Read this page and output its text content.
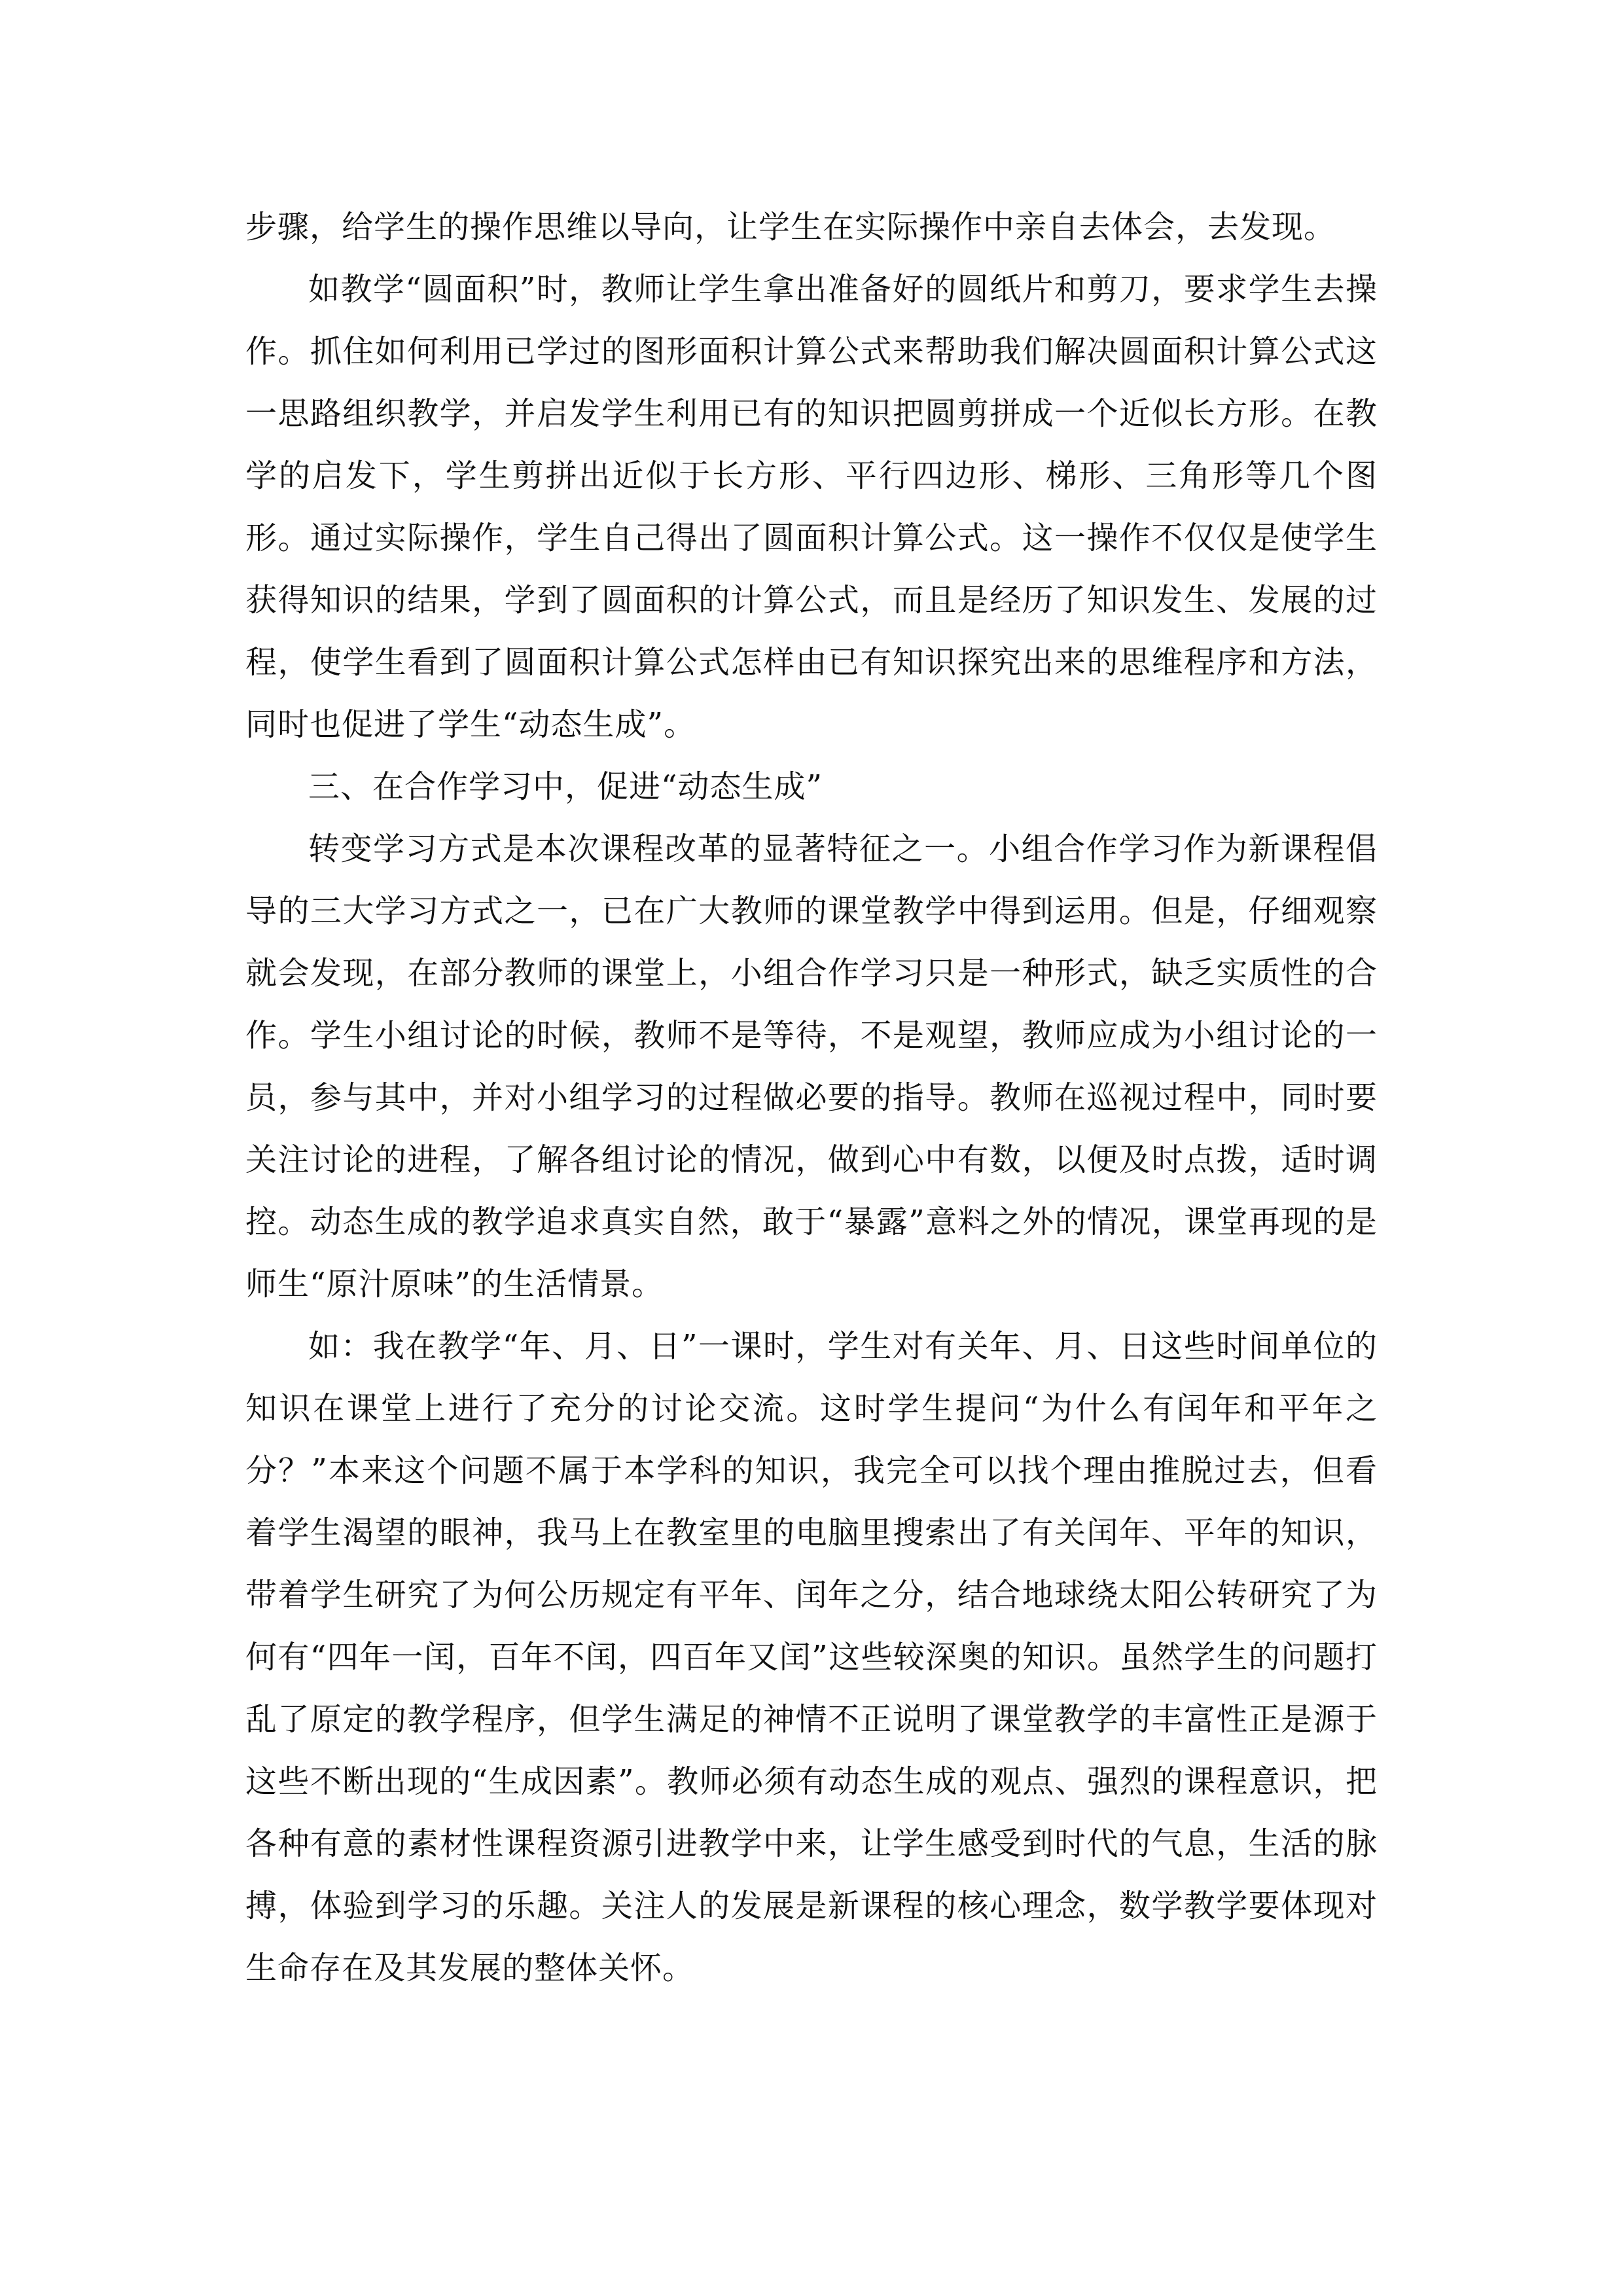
步骤，给学生的操作思维以导向，让学生在实际操作中亲自去体会，去发现。

如教学“圆面积”时，教师让学生拿出准备好的圆纸片和剪刀，要求学生去操作。抓住如何利用已学过的图形面积计算公式来帮助我们解决圆面积计算公式这一思路组织教学，并启发学生利用已有的知识把圆剪拼成一个近似长方形。在教学的启发下，学生剪拼出近似于长方形、平行四边形、梯形、三角形等几个图形。通过实际操作，学生自己得出了圆面积计算公式。这一操作不仅仅是使学生获得知识的结果，学到了圆面积的计算公式，而且是经历了知识发生、发展的过程，使学生看到了圆面积计算公式怎样由已有知识探究出来的思维程序和方法，同时也促进了学生“动态生成”。

三、在合作学习中，促进“动态生成”

转变学习方式是本次课程改革的显著特征之一。小组合作学习作为新课程倡导的三大学习方式之一，已在广大教师的课堂教学中得到运用。但是，仔细观察就会发现，在部分教师的课堂上，小组合作学习只是一种形式，缺乏实质性的合作。学生小组讨论的时候，教师不是等待，不是观望，教师应成为小组讨论的一员，参与其中，并对小组学习的过程做必要的指导。教师在巡视过程中，同时要关注讨论的进程，了解各组讨论的情况，做到心中有数，以便及时点拨，适时调控。动态生成的教学追求真实自然，敢于“暴露”意料之外的情况，课堂再现的是师生“原汁原味”的生活情景。

如：我在教学“年、月、日”一课时，学生对有关年、月、日这些时间单位的知识在课堂上进行了充分的讨论交流。这时学生提问“为什么有闰年和平年之分？”本来这个问题不属于本学科的知识，我完全可以找个理由推脱过去，但看着学生渴望的眼神，我马上在教室里的电脑里搜索出了有关闰年、平年的知识，带着学生研究了为何公历规定有平年、闰年之分，结合地球绕太阳公转研究了为何有“四年一闰，百年不闰，四百年又闰”这些较深奥的知识。虽然学生的问题打乱了原定的教学程序，但学生满足的神情不正说明了课堂教学的丰富性正是源于这些不断出现的“生成因素”。教师必须有动态生成的观点、强烈的课程意识，把各种有意的素材性课程资源引进教学中来，让学生感受到时代的气息，生活的脉搏，体验到学习的乐趣。关注人的发展是新课程的核心理念，数学教学要体现对生命存在及其发展的整体关怀。
